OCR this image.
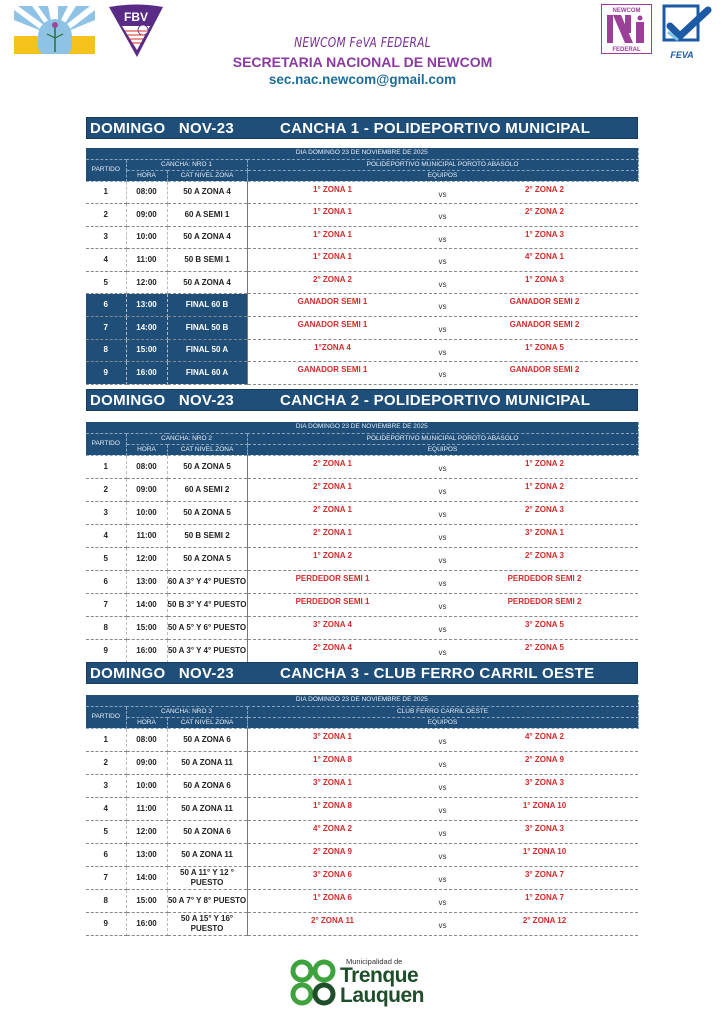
FBV	NEWCOM
FEDERAL	FEVA
NEWCOM FeVA FEDERAL
SECRETARIA NACIONAL DE NEWCOM
sec.nac.newcom@gmail.com
DOMINGO   NOV-23	CANCHA 1 - POLIDEPORTIVO MUNICIPAL
DIA DOMINGO 23 DE NOVIEMBRE DE 2025			
PARTIDO	CANCHA: NRO 1		POLIDEPORTIVO MUNICIPAL POROTO ABASOLO
	HORA	CAT NIVEL ZONA	EQUIPOS
1	08:00	50 A ZONA 4	1° ZONA 1
vs
2° ZONA 2

2	09:00	60 A SEMI 1	1° ZONA 1
vs
2° ZONA 2

3	10:00	50 A ZONA 4	1° ZONA 1
vs
1° ZONA 3

4	11:00	50 B SEMI 1	1° ZONA 1
vs
4° ZONA 1

5	12:00	50 A ZONA 4	2° ZONA 2
vs
1° ZONA 3

6	13:00	FINAL 60 B	GANADOR SEMI 1
vs
GANADOR SEMI 2

7	14:00	FINAL 50 B	GANADOR SEMI 1
vs
GANADOR SEMI 2

8	15:00	FINAL 50 A	1°ZONA 4
vs
1° ZONA 5

9	16:00	FINAL 60 A	GANADOR SEMI 1
vs
GANADOR SEMI 2
DOMINGO   NOV-23	CANCHA 2 - POLIDEPORTIVO MUNICIPAL
DIA DOMINGO 23 DE NOVIEMBRE DE 2025			
PARTIDO	CANCHA: NRO 2		POLIDEPORTIVO MUNICIPAL POROTO ABASOLO
	HORA	CAT NIVEL ZONA	EQUIPOS
1	08:00	50 A ZONA 5	2° ZONA 1
vs
1° ZONA 2

2	09:00	60 A SEMI 2	2° ZONA 1
vs
1° ZONA 2

3	10:00	50 A ZONA 5	2° ZONA 1
vs
2° ZONA 3

4	11:00	50 B SEMI 2	2° ZONA 1
vs
3° ZONA 1

5	12:00	50 A ZONA 5	1° ZONA 2
vs
2° ZONA 3

6	13:00	60 A 3° Y 4° PUESTO	PERDEDOR SEMI 1
vs
PERDEDOR SEMI 2

7	14:00	50 B 3° Y 4° PUESTO	PERDEDOR SEMI 1
vs
PERDEDOR SEMI 2

8	15:00	50 A 5° Y 6° PUESTO	3° ZONA 4
vs
3° ZONA 5

9	16:00	50 A 3° Y 4° PUESTO	2° ZONA 4
vs
2° ZONA 5
DOMINGO   NOV-23	CANCHA 3 - CLUB FERRO CARRIL OESTE
DIA DOMINGO 23 DE NOVIEMBRE DE 2025			
PARTIDO	CANCHA: NRO 3		CLUB FERRO CARRIL OESTE
	HORA	CAT NIVEL ZONA	EQUIPOS
1	08:00	50 A ZONA 6	3° ZONA 1
vs
4° ZONA 2

2	09:00	50 A ZONA 11	1° ZONA 8
vs
2° ZONA 9

3	10:00	50 A ZONA 6	3° ZONA 1
vs
3° ZONA 3

4	11:00	50 A ZONA 11	1° ZONA 8
vs
1° ZONA 10

5	12:00	50 A ZONA 6	4° ZONA 2
vs
3° ZONA 3

6	13:00	50 A ZONA 11	2° ZONA 9
vs
1° ZONA 10

7	14:00	50 A 11° Y 12 ° PUESTO	3° ZONA 6
vs
3° ZONA 7

8	15:00	50 A 7° Y 8° PUESTO	1° ZONA 6
vs
1° ZONA 7

9	16:00	50 A 15° Y 16° PUESTO	2° ZONA 11
vs
2° ZONA 12
Municipalidad de
Trenque
Lauquen
